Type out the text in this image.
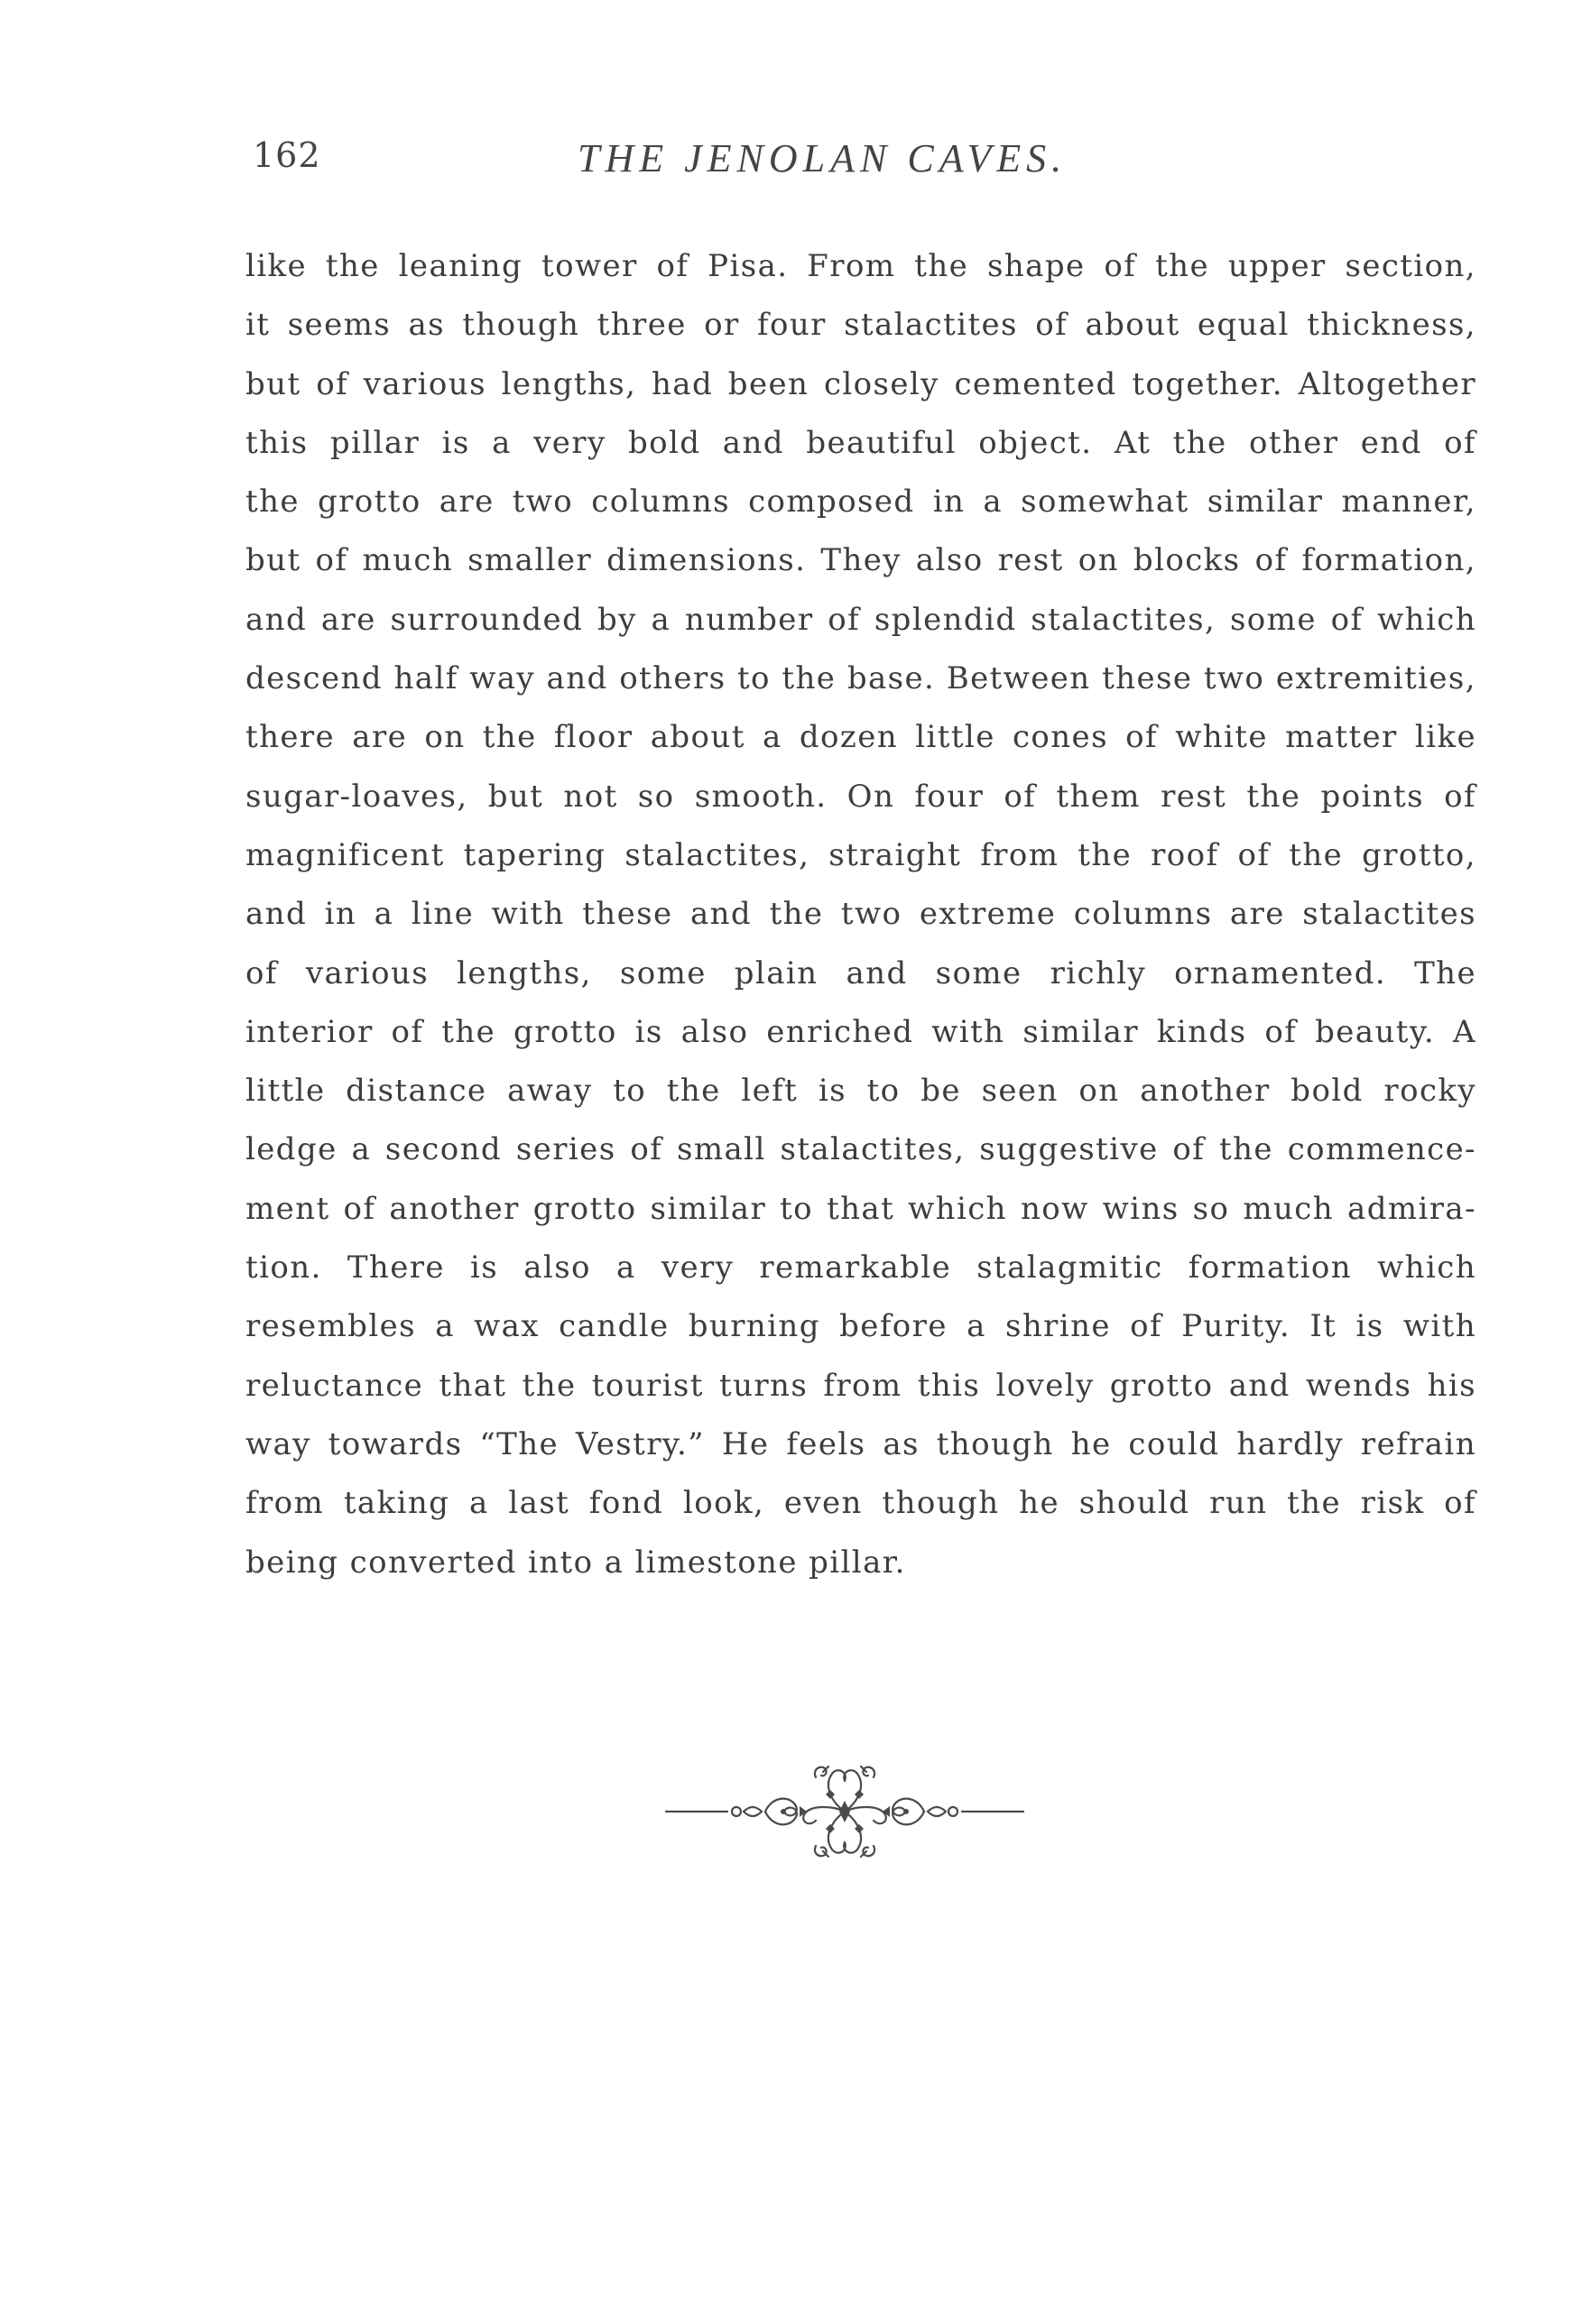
162	THE JENOLAN CAVES.
like the leaning tower of Pisa. From the shape of the upper section,
it seems as though three or four stalactites of about equal thickness,
but of various lengths, had been closely cemented together. Altogether
this pillar is a very bold and beautiful object. At the other end of
the grotto are two columns composed in a somewhat similar manner,
but of much smaller dimensions. They also rest on blocks of formation,
and are surrounded by a number of splendid stalactites, some of which
descend half way and others to the base. Between these two extremities,
there are on the floor about a dozen little cones of white matter like
sugar-loaves, but not so smooth. On four of them rest the points of
magnificent tapering stalactites, straight from the roof of the grotto,
and in a line with these and the two extreme columns are stalactites
of various lengths, some plain and some richly ornamented. The
interior of the grotto is also enriched with similar kinds of beauty. A
little distance away to the left is to be seen on another bold rocky
ledge a second series of small stalactites, suggestive of the commence-
ment of another grotto similar to that which now wins so much admira-
tion. There is also a very remarkable stalagmitic formation which
resembles a wax candle burning before a shrine of Purity. It is with
reluctance that the tourist turns from this lovely grotto and wends his
way towards “The Vestry.” He feels as though he could hardly refrain
from taking a last fond look, even though he should run the risk of
being converted into a limestone pillar.
